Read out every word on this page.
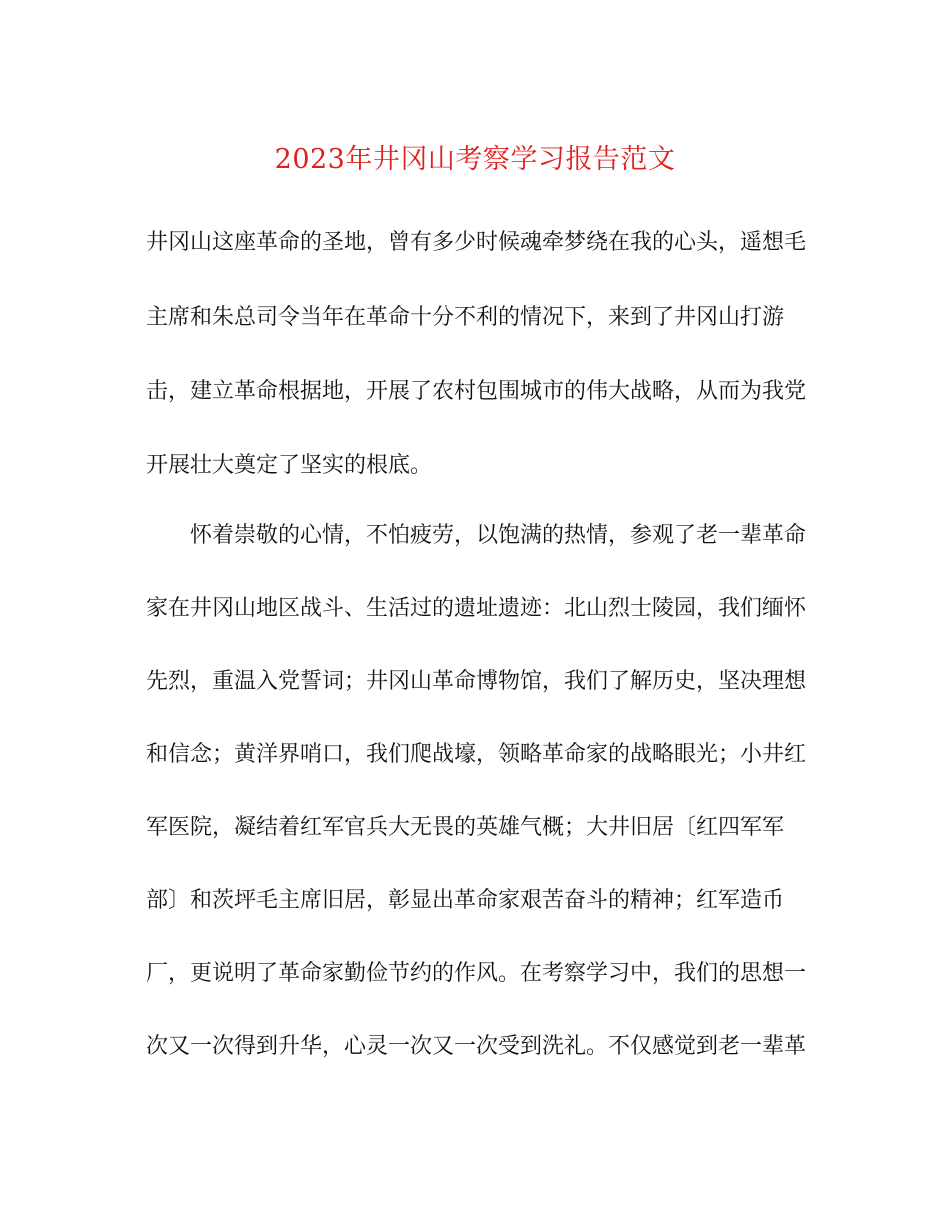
2023年井冈山考察学习报告范文

井冈山这座革命的圣地，曾有多少时候魂牵梦绕在我的心头，遥想毛

主席和朱总司令当年在革命十分不利的情况下，来到了井冈山打游

击，建立革命根据地，开展了农村包围城市的伟大战略，从而为我党

开展壮大奠定了坚实的根底。

怀着崇敬的心情，不怕疲劳，以饱满的热情，参观了老一辈革命

家在井冈山地区战斗、生活过的遗址遗迹：北山烈士陵园，我们缅怀

先烈，重温入党誓词；井冈山革命博物馆，我们了解历史，坚决理想

和信念；黄洋界哨口，我们爬战壕，领略革命家的战略眼光；小井红

军医院，凝结着红军官兵大无畏的英雄气概；大井旧居〔红四军军

部〕和茨坪毛主席旧居，彰显出革命家艰苦奋斗的精神；红军造币

厂，更说明了革命家勤俭节约的作风。在考察学习中，我们的思想一

次又一次得到升华，心灵一次又一次受到洗礼。不仅感觉到老一辈革
